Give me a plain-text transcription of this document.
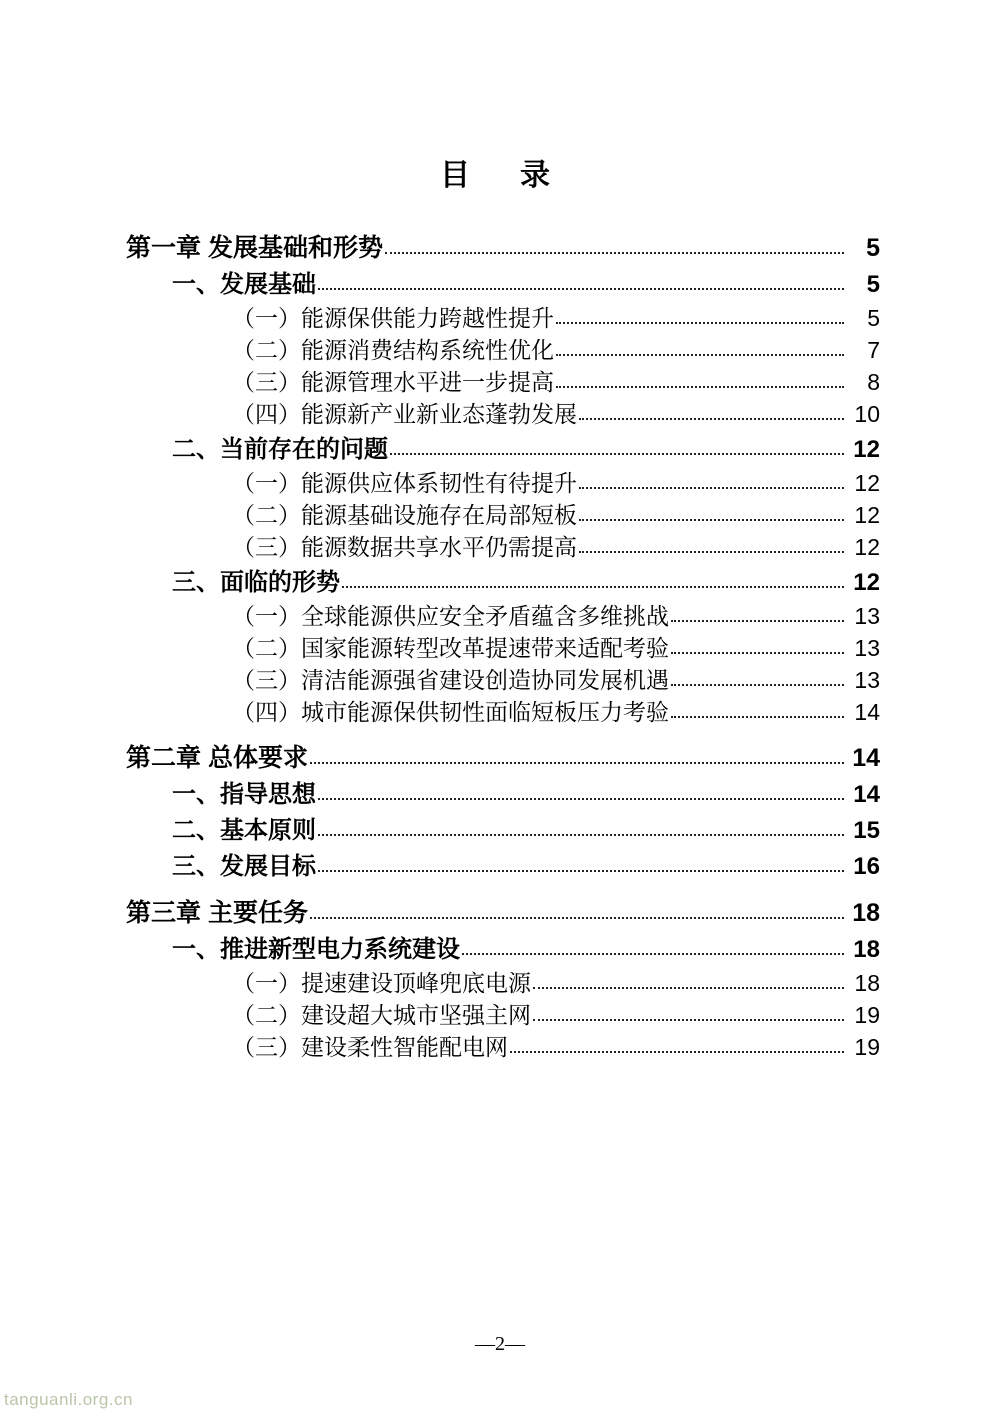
目　录
第一章 发展基础和形势	5
一、发展基础	5
（一）能源保供能力跨越性提升	5
（二）能源消费结构系统性优化	7
（三）能源管理水平进一步提高	8
（四）能源新产业新业态蓬勃发展	10
二、当前存在的问题	12
（一）能源供应体系韧性有待提升	12
（二）能源基础设施存在局部短板	12
（三）能源数据共享水平仍需提高	12
三、面临的形势	12
（一）全球能源供应安全矛盾蕴含多维挑战	13
（二）国家能源转型改革提速带来适配考验	13
（三）清洁能源强省建设创造协同发展机遇	13
（四）城市能源保供韧性面临短板压力考验	14
第二章 总体要求	14
一、指导思想	14
二、基本原则	15
三、发展目标	16
第三章 主要任务	18
一、推进新型电力系统建设	18
（一）提速建设顶峰兜底电源	18
（二）建设超大城市坚强主网	19
（三）建设柔性智能配电网	19
—2—
tanguanli.org.cn
